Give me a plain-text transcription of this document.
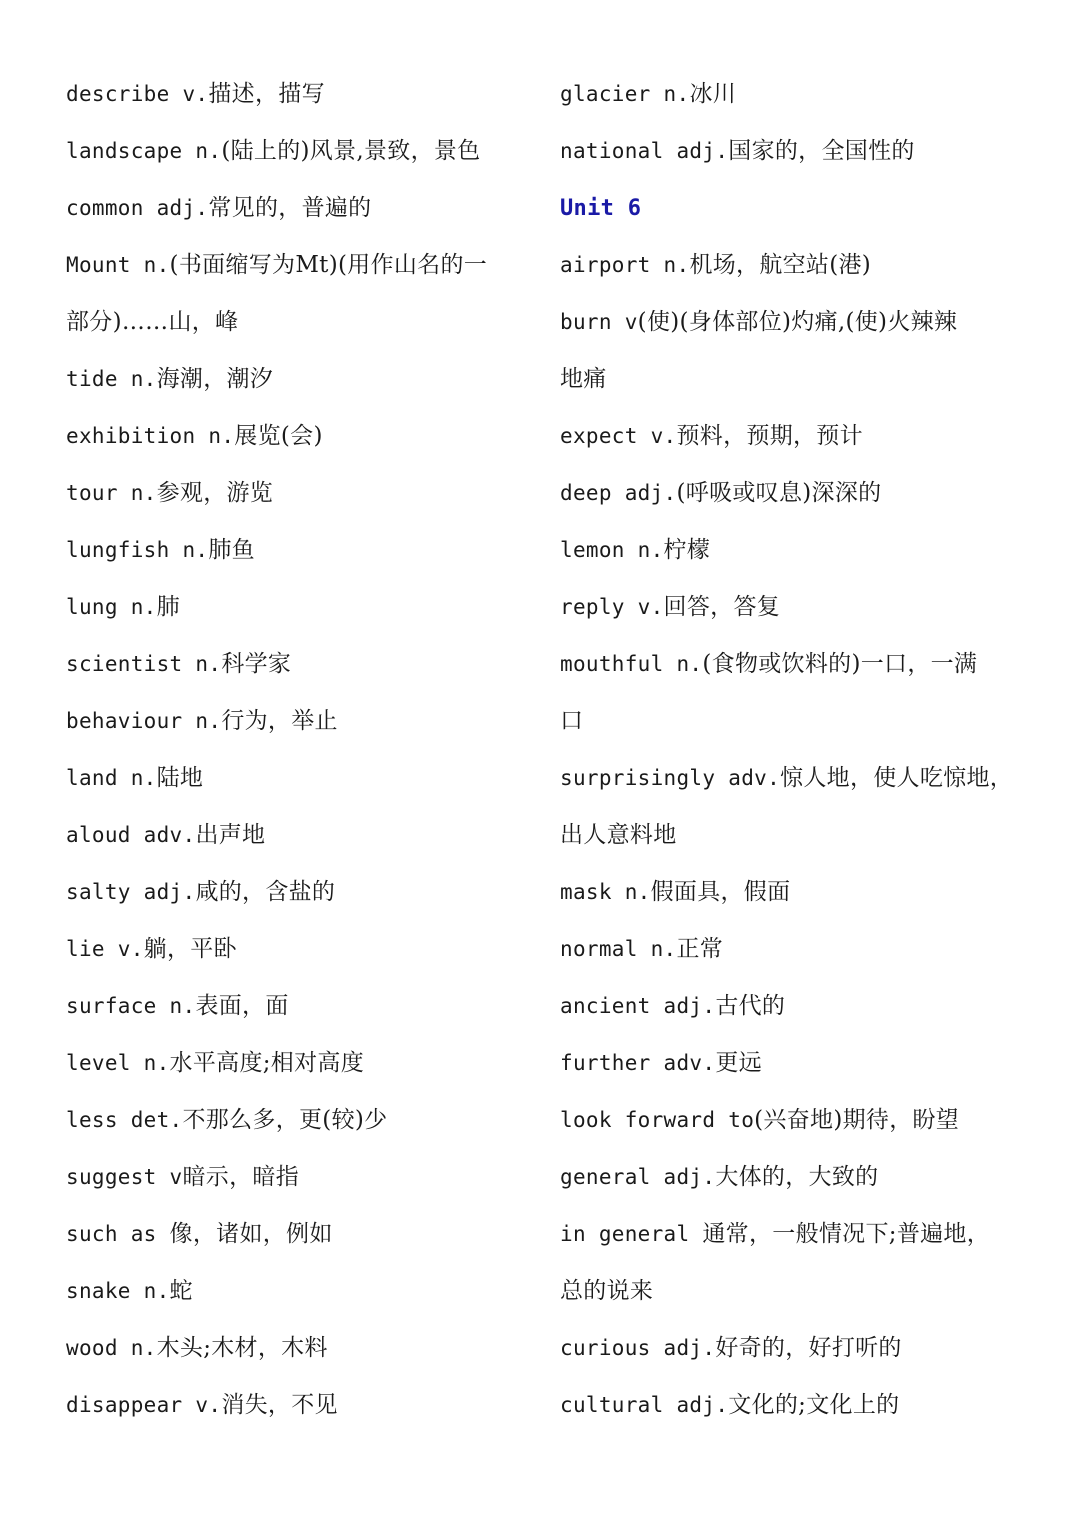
describe v.描述，描写
landscape n.(陆上的)风景,景致，景色
common adj.常见的，普遍的
Mount n.(书面缩写为Mt)(用作山名的一
部分)……山，峰
tide n.海潮，潮汐
exhibition n.展览(会)
tour n.参观，游览
lungfish n.肺鱼
lung n.肺
scientist n.科学家
behaviour n.行为，举止
land n.陆地
aloud adv.出声地
salty adj.咸的，含盐的
lie v.躺，平卧
surface n.表面，面
level n.水平高度;相对高度
less det.不那么多，更(较)少
suggest v暗示，暗指
such as 像，诸如，例如
snake n.蛇
wood n.木头;木材，木料
disappear v.消失，不见
glacier n.冰川
national adj.国家的，全国性的
Unit 6
airport n.机场，航空站(港)
burn v(使)(身体部位)灼痛,(使)火辣辣
地痛
expect v.预料，预期，预计
deep adj.(呼吸或叹息)深深的
lemon n.柠檬
reply v.回答，答复
mouthful n.(食物或饮料的)一口，一满
口
surprisingly adv.惊人地，使人吃惊地，
出人意料地
mask n.假面具，假面
normal n.正常
ancient adj.古代的
further adv.更远
look forward to(兴奋地)期待，盼望
general adj.大体的，大致的
in general 通常，一般情况下;普遍地，
总的说来
curious adj.好奇的，好打听的
cultural adj.文化的;文化上的
